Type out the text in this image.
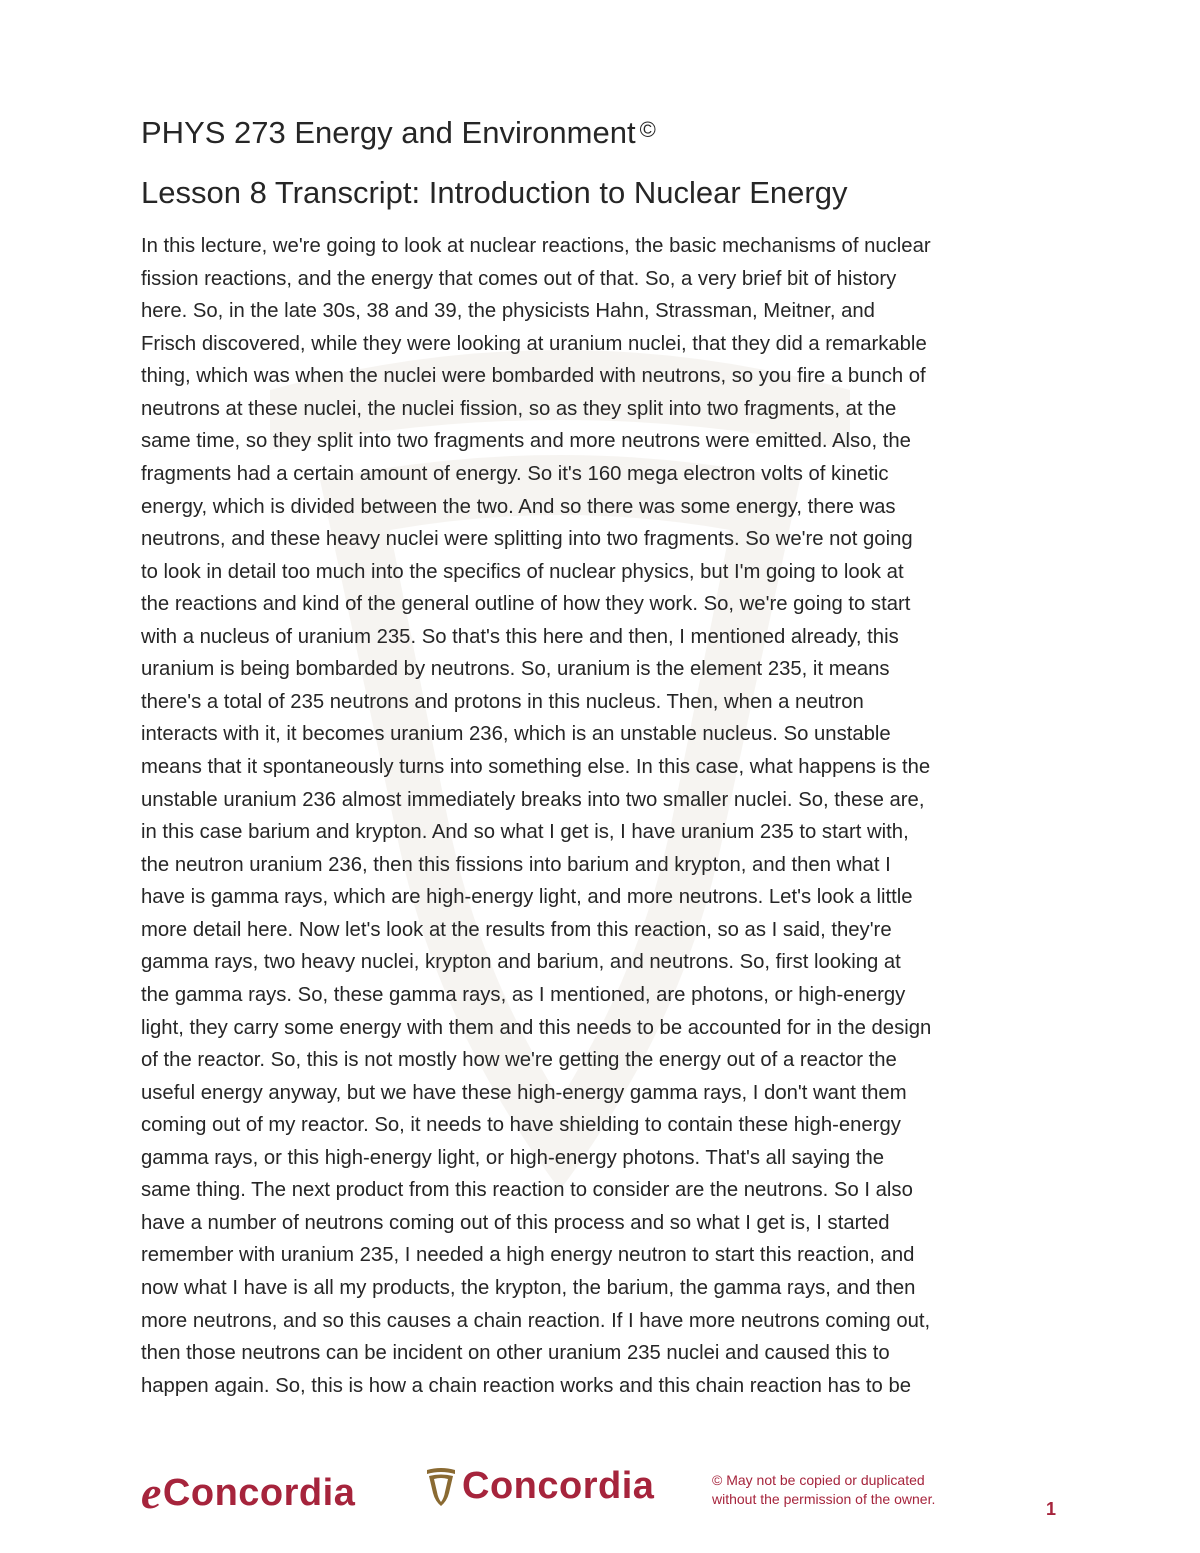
PHYS 273 Energy and Environment ©
Lesson 8 Transcript: Introduction to Nuclear Energy
In this lecture, we're going to look at nuclear reactions, the basic mechanisms of nuclear
fission reactions, and the energy that comes out of that. So, a very brief bit of history
here. So, in the late 30s, 38 and 39, the physicists Hahn, Strassman, Meitner, and
Frisch discovered, while they were looking at uranium nuclei, that they did a remarkable
thing, which was when the nuclei were bombarded with neutrons, so you fire a bunch of
neutrons at these nuclei, the nuclei fission, so as they split into two fragments, at the
same time, so they split into two fragments and more neutrons were emitted. Also, the
fragments had a certain amount of energy. So it's 160 mega electron volts of kinetic
energy, which is divided between the two. And so there was some energy, there was
neutrons, and these heavy nuclei were splitting into two fragments. So we're not going
to look in detail too much into the specifics of nuclear physics, but I'm going to look at
the reactions and kind of the general outline of how they work. So, we're going to start
with a nucleus of uranium 235. So that's this here and then, I mentioned already, this
uranium is being bombarded by neutrons. So, uranium is the element 235, it means
there's a total of 235 neutrons and protons in this nucleus. Then, when a neutron
interacts with it, it becomes uranium 236, which is an unstable nucleus. So unstable
means that it spontaneously turns into something else. In this case, what happens is the
unstable uranium 236 almost immediately breaks into two smaller nuclei. So, these are,
in this case barium and krypton. And so what I get is, I have uranium 235 to start with,
the neutron uranium 236, then this fissions into barium and krypton, and then what I
have is gamma rays, which are high-energy light, and more neutrons. Let's look a little
more detail here. Now let's look at the results from this reaction, so as I said, they're
gamma rays, two heavy nuclei, krypton and barium, and neutrons. So, first looking at
the gamma rays. So, these gamma rays, as I mentioned, are photons, or high-energy
light, they carry some energy with them and this needs to be accounted for in the design
of the reactor. So, this is not mostly how we're getting the energy out of a reactor the
useful energy anyway, but we have these high-energy gamma rays, I don't want them
coming out of my reactor. So, it needs to have shielding to contain these high-energy
gamma rays, or this high-energy light, or high-energy photons. That's all saying the
same thing. The next product from this reaction to consider are the neutrons. So I also
have a number of neutrons coming out of this process and so what I get is, I started
remember with uranium 235, I needed a high energy neutron to start this reaction, and
now what I have is all my products, the krypton, the barium, the gamma rays, and then
more neutrons, and so this causes a chain reaction. If I have more neutrons coming out,
then those neutrons can be incident on other uranium 235 nuclei and caused this to
happen again. So, this is how a chain reaction works and this chain reaction has to be
e Concordia	Concordia	© May not be copied or duplicated
without the permission of the owner.	1
